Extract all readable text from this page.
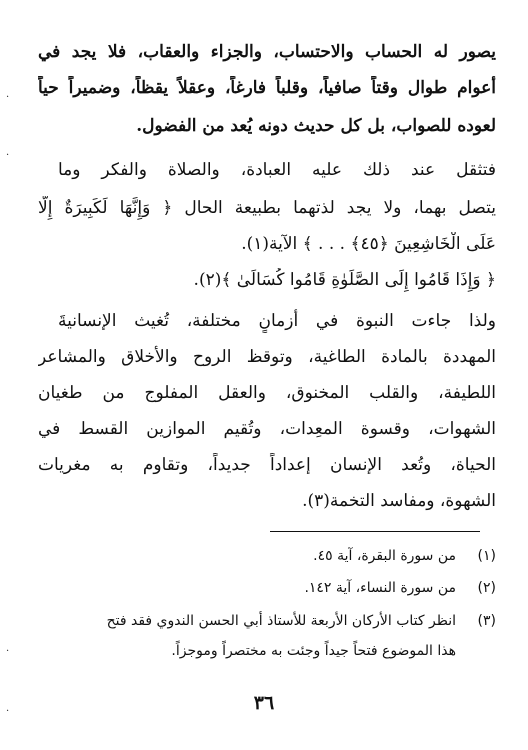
يصور له الحساب والاحتساب، والجزاء والعقاب، فلا يجد في
أعوام طوال وقتاً صافياً، وقلباً فارغاً، وعقلاً يقظاً، وضميراً حياً
لعوده للصواب، بل كل حديث دونه يُعد من الفضول.
فتثقل عند ذلك عليه العبادة، والصلاة والفكر وما
يتصل بهما، ولا يجد لذتهما بطبيعة الحال ﴿ وَإِنَّهَا لَكَبِيرَةٌ إِلَّا
عَلَى الْخَاشِعِينَ ﴿٤٥﴾ . . . ﴾ الآية(١).
﴿ وَإِذَا قَامُوا إِلَى الصَّلَوٰةِ قَامُوا كُسَالَىٰ ﴾(٢).
ولذا جاءت النبوة في أزمانٍ مختلفة، تُغيث الإنسانيةَ
المهددة بالمادة الطاغية، وتوقظ الروح والأخلاق والمشاعر
اللطيفة، والقلب المخنوق، والعقل المفلوج من طغيان
الشهوات، وقسوة المعِدات، وتُقيم الموازين القسط في
الحياة، وتُعد الإنسان إعداداً جديداً، وتقاوم به مغريات
الشهوة، ومفاسد التخمة(٣).
(١)من سورة البقرة، آية ٤٥.
(٢)من سورة النساء، آية ١٤٢.
(٣)انظر كتاب الأركان الأربعة للأستاذ أبي الحسن الندوي فقد فتح
هذا الموضوع فتحاً جيداً وجئت به مختصراً وموجزاً.
٣٦
·
·
·
·
